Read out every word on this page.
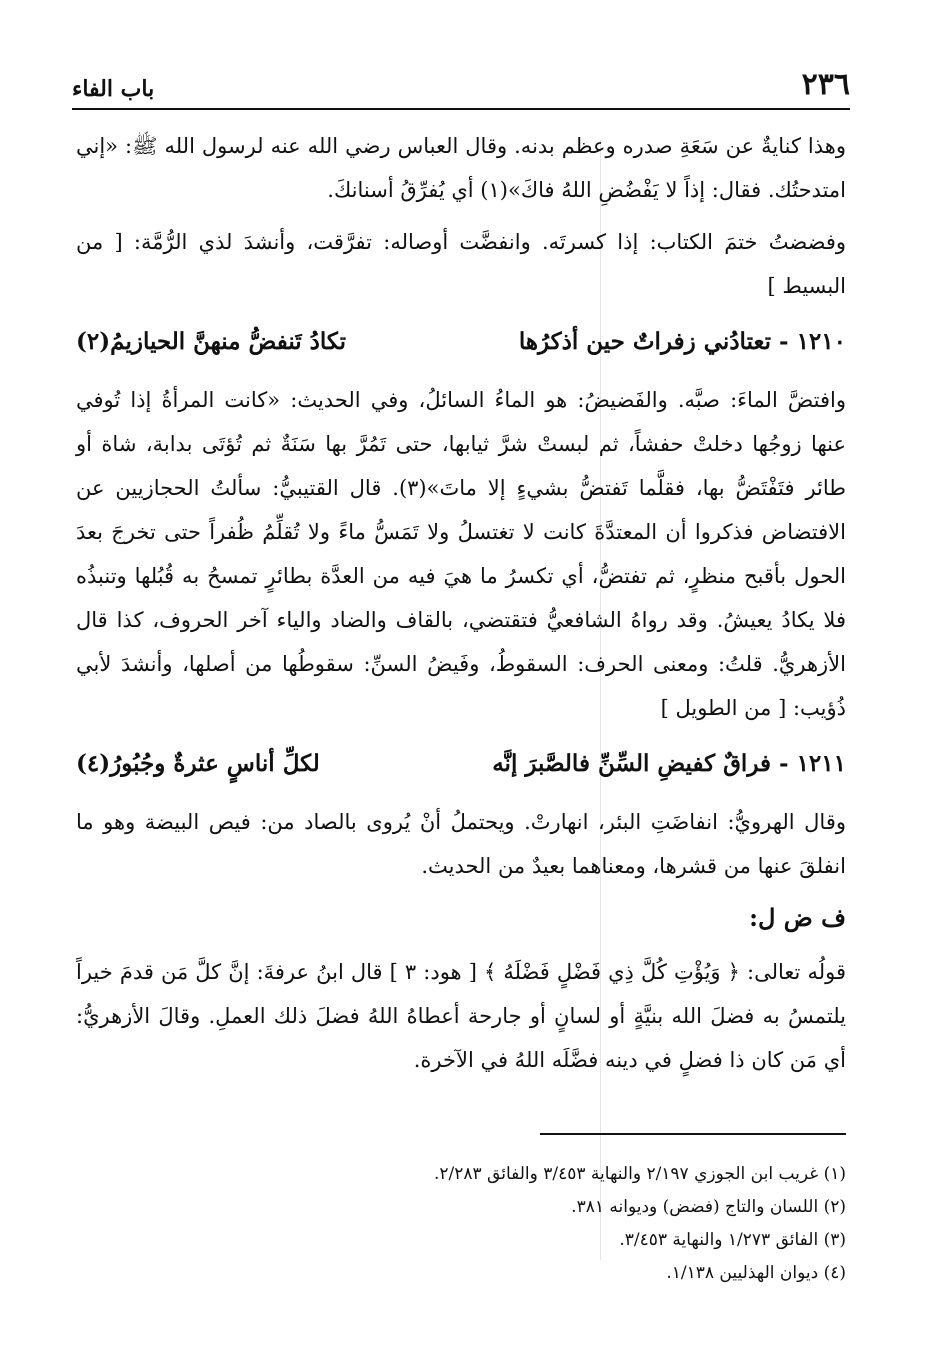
٢٣٦
باب الفاء

وهذا كنايةٌ عن سَعَةِ صدره وعظم بدنه. وقال العباس رضي الله عنه لرسول الله ﷺ: «إني امتدحتُك. فقال: إذاً لا يَفْضُضِ اللهُ فاكَ»(١) أي يُفرِّقُ أسنانكَ.

وفضضتُ ختمَ الكتاب: إذا كسرتَه. وانفضَّت أوصاله: تفرَّقت، وأنشدَ لذي الرُّمَّة: [ من البسيط ]

١٢١٠ - تعتادُني زفراتٌ حين أذكرُها
تكادُ تَنفضُّ منهنَّ الحيازيمُ(٢)

وافتضَّ الماءَ: صبَّه. والفَضيضُ: هو الماءُ السائلُ، وفي الحديث: «كانت المرأةُ إذا تُوفي عنها زوجُها دخلتْ حفشاً، ثم لبستْ شرَّ ثيابها، حتى تَمُرَّ بها سَنَةٌ ثم تُؤتَى بدابة، شاة أو طائر فتَفْتَضُّ بها، فقلَّما تَفتضُّ بشيءٍ إلا ماتَ»(٣). قال القتيبيُّ: سألتُ الحجازيين عن الافتضاض فذكروا أن المعتدَّةَ كانت لا تغتسلُ ولا تَمَسُّ ماءً ولا تُقلِّمُ ظُفراً حتى تخرجَ بعدَ الحول بأقبح منظرٍ، ثم تفتضُّ، أي تكسرُ ما هيَ فيه من العدَّة بطائرٍ تمسحُ به قُبُلها وتنبذُه فلا يكادُ يعيشُ. وقد رواهُ الشافعيُّ فتقتضي، بالقاف والضاد والياء آخر الحروف، كذا قال الأزهريُّ. قلتُ: ومعنى الحرف: السقوطُ، وفَيضُ السنِّ: سقوطُها من أصلها، وأنشدَ لأبي ذُؤيب: [ من الطويل ]

١٢١١ - فراقٌ كفيضِ السِّنِّ فالصَّبرَ إنَّه
لكلِّ أناسٍ عثرةٌ وجُبُورُ(٤)

وقال الهرويُّ: انفاضَتِ البئر، انهارتْ. ويحتملُ أنْ يُروى بالصاد من: فيص البيضة وهو ما انفلقَ عنها من قشرها، ومعناهما بعيدٌ من الحديث.

ف ض ل:

قولُه تعالى: ﴿ وَيُؤْتِ كُلَّ ذِي فَضْلٍ فَضْلَهُ ﴾ [ هود: ٣ ] قال ابنُ عرفةَ: إنَّ كلَّ مَن قدمَ خيراً يلتمسُ به فضلَ الله بنيَّةٍ أو لسانٍ أو جارحة أعطاهُ اللهُ فضلَ ذلك العملِ. وقالَ الأزهريُّ: أي مَن كان ذا فضلٍ في دينه فضَّلَه اللهُ في الآخرة.

(١) غريب ابن الجوزي ٢/١٩٧ والنهاية ٣/٤٥٣ والفائق ٢/٢٨٣.
(٢) اللسان والتاج (فضض) وديوانه ٣٨١.
(٣) الفائق ١/٢٧٣ والنهاية ٣/٤٥٣.
(٤) ديوان الهذليين ١/١٣٨.
